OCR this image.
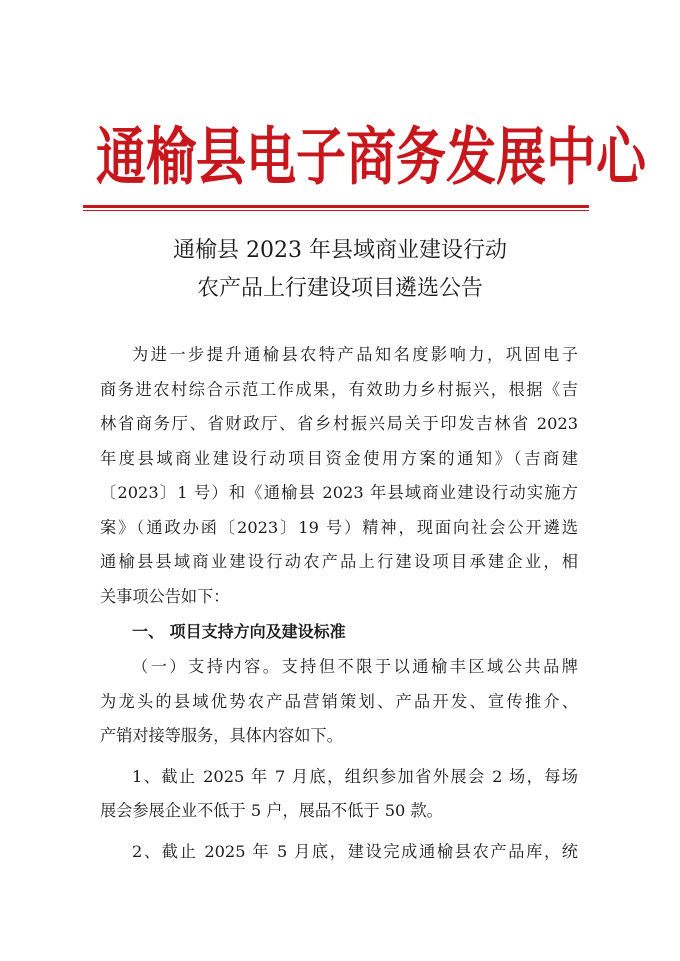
通榆县电子商务发展中心
通榆县 2023 年县域商业建设行动
农产品上行建设项目遴选公告
为进一步提升通榆县农特产品知名度影响力，巩固电子
商务进农村综合示范工作成果，有效助力乡村振兴，根据《吉
林省商务厅、省财政厅、省乡村振兴局关于印发吉林省 2023
年度县域商业建设行动项目资金使用方案的通知》（吉商建
〔2023〕1 号）和《通榆县 2023 年县域商业建设行动实施方
案》（通政办函〔2023〕19 号）精神，现面向社会公开遴选
通榆县县域商业建设行动农产品上行建设项目承建企业，相
关事项公告如下：
一、 项目支持方向及建设标准
（一）支持内容。支持但不限于以通榆丰区域公共品牌
为龙头的县域优势农产品营销策划、产品开发、宣传推介、
产销对接等服务，具体内容如下。
1、截止 2025 年 7 月底，组织参加省外展会 2 场，每场
展会参展企业不低于 5 户，展品不低于 50 款。
2、截止 2025 年 5 月底，建设完成通榆县农产品库，统
